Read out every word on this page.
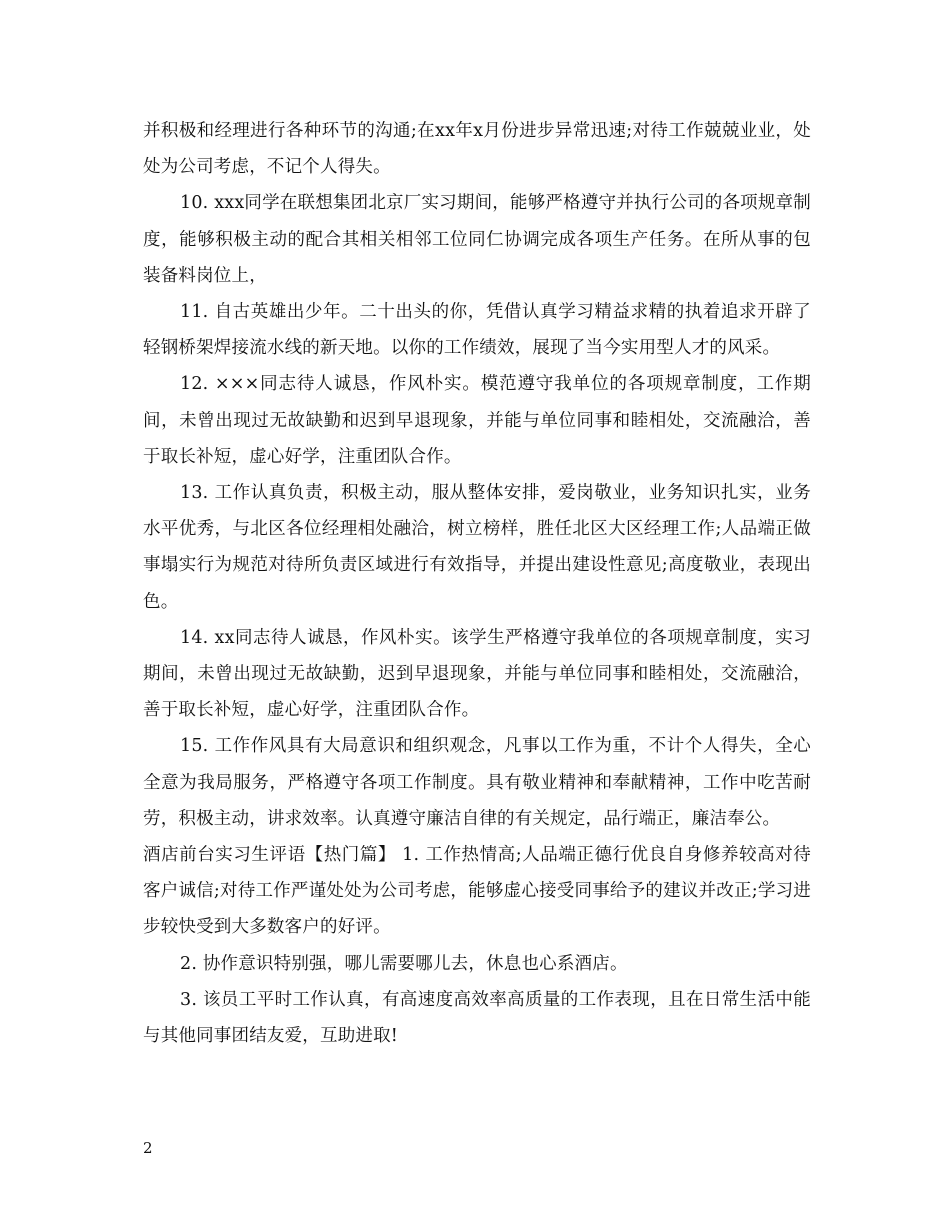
并积极和经理进行各种环节的沟通;在xx年x月份进步异常迅速;对待工作兢兢业业，处处为公司考虑，不记个人得失。

10. xxx同学在联想集团北京厂实习期间，能够严格遵守并执行公司的各项规章制度，能够积极主动的配合其相关相邻工位同仁协调完成各项生产任务。在所从事的包装备料岗位上，

11. 自古英雄出少年。二十出头的你，凭借认真学习精益求精的执着追求开辟了轻钢桥架焊接流水线的新天地。以你的工作绩效，展现了当今实用型人才的风采。

12. ×××同志待人诚恳，作风朴实。模范遵守我单位的各项规章制度，工作期间，未曾出现过无故缺勤和迟到早退现象，并能与单位同事和睦相处，交流融洽，善于取长补短，虚心好学，注重团队合作。

13. 工作认真负责，积极主动，服从整体安排，爱岗敬业，业务知识扎实，业务水平优秀，与北区各位经理相处融洽，树立榜样，胜任北区大区经理工作;人品端正做事塌实行为规范对待所负责区域进行有效指导，并提出建设性意见;高度敬业，表现出色。

14. xx同志待人诚恳，作风朴实。该学生严格遵守我单位的各项规章制度，实习期间，未曾出现过无故缺勤，迟到早退现象，并能与单位同事和睦相处，交流融洽，善于取长补短，虚心好学，注重团队合作。

15. 工作作风具有大局意识和组织观念，凡事以工作为重，不计个人得失，全心全意为我局服务，严格遵守各项工作制度。具有敬业精神和奉献精神，工作中吃苦耐劳，积极主动，讲求效率。认真遵守廉洁自律的有关规定，品行端正，廉洁奉公。

酒店前台实习生评语【热门篇】 1. 工作热情高;人品端正德行优良自身修养较高对待客户诚信;对待工作严谨处处为公司考虑，能够虚心接受同事给予的建议并改正;学习进步较快受到大多数客户的好评。

2. 协作意识特别强，哪儿需要哪儿去，休息也心系酒店。

3. 该员工平时工作认真，有高速度高效率高质量的工作表现，且在日常生活中能与其他同事团结友爱，互助进取!

2
